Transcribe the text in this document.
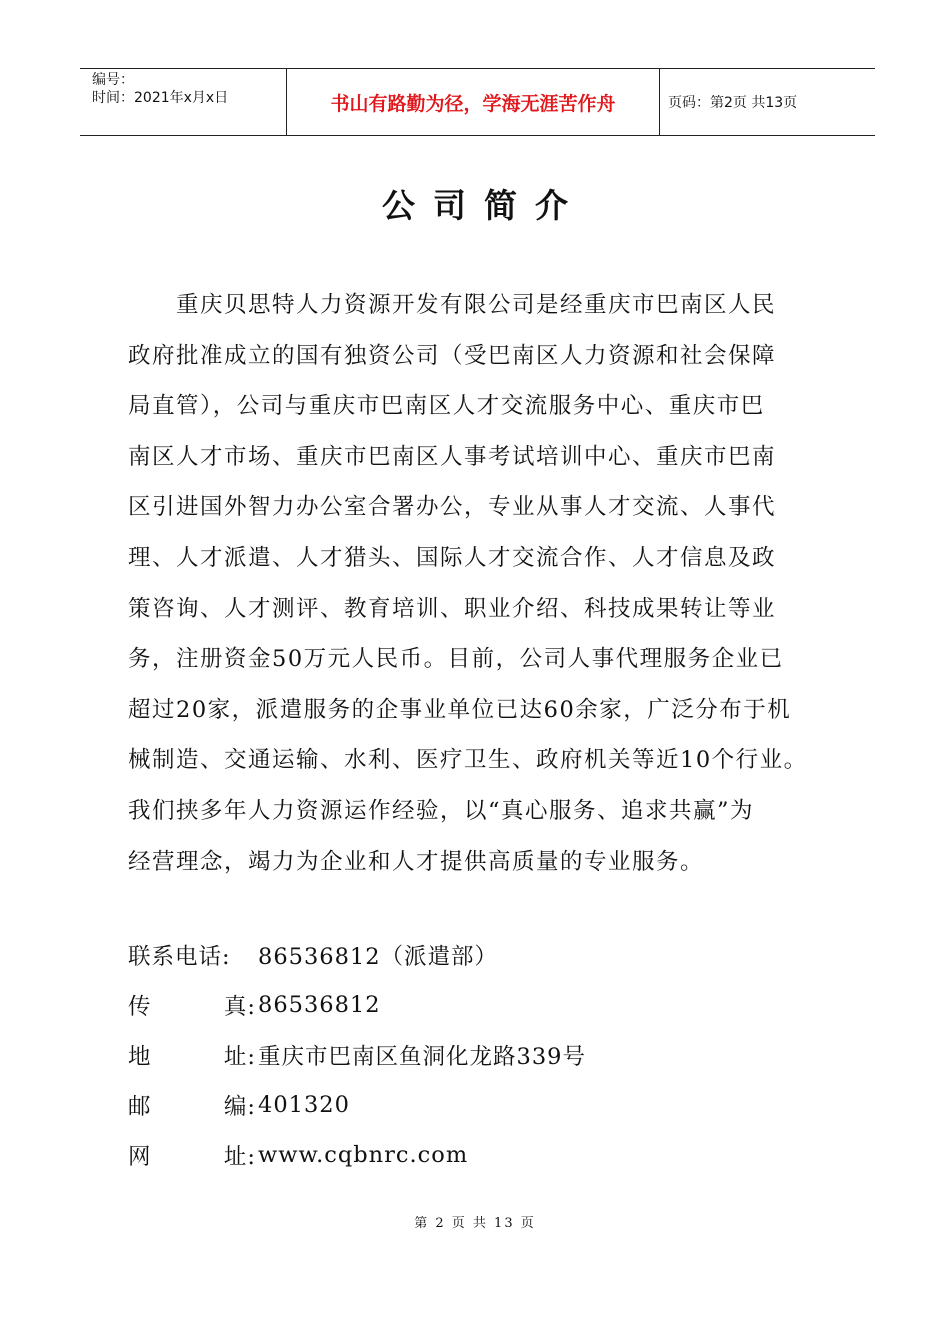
编号：
时间：2021年x月x日	书山有路勤为径，学海无涯苦作舟	页码：第2页 共13页
公司简介
　　重庆贝思特人力资源开发有限公司是经重庆市巴南区人民
政府批准成立的国有独资公司（受巴南区人力资源和社会保障
局直管），公司与重庆市巴南区人才交流服务中心、重庆市巴
南区人才市场、重庆市巴南区人事考试培训中心、重庆市巴南
区引进国外智力办公室合署办公，专业从事人才交流、人事代
理、人才派遣、人才猎头、国际人才交流合作、人才信息及政
策咨询、人才测评、教育培训、职业介绍、科技成果转让等业
务，注册资金50万元人民币。目前，公司人事代理服务企业已
超过20家，派遣服务的企事业单位已达60余家，广泛分布于机
械制造、交通运输、水利、医疗卫生、政府机关等近10个行业。
我们挟多年人力资源运作经验，以“真心服务、追求共赢”为
经营理念，竭力为企业和人才提供高质量的专业服务。
联系电话:	86536812（派遣部）
传	真: 86536812
地	址: 重庆市巴南区鱼洞化龙路339号
邮	编: 401320
网	址: www.cqbnrc.com
第 2 页 共 13 页
